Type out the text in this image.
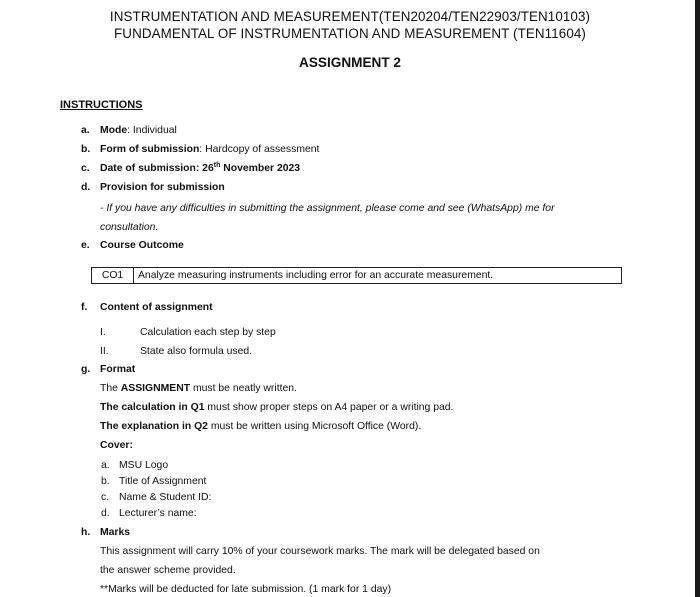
INSTRUMENTATION AND MEASUREMENT(TEN20204/TEN22903/TEN10103)
FUNDAMENTAL OF INSTRUMENTATION AND MEASUREMENT (TEN11604)
ASSIGNMENT 2
INSTRUCTIONS
a. Mode: Individual
b. Form of submission: Hardcopy of assessment
c. Date of submission: 26th November 2023
d. Provision for submission
- If you have any difficulties in submitting the assignment, please come and see (WhatsApp) me for
consultation.
e. Course Outcome
CO1	Analyze measuring instruments including error for an accurate measurement.
f. Content of assignment
I.	Calculation each step by step
II.	State also formula used.
g. Format
The ASSIGNMENT must be neatly written.
The calculation in Q1 must show proper steps on A4 paper or a writing pad.
The explanation in Q2 must be written using Microsoft Office (Word).
Cover:
a. MSU Logo
b. Title of Assignment
c. Name & Student ID:
d. Lecturer’s name:
h. Marks
This assignment will carry 10% of your coursework marks. The mark will be delegated based on
the answer scheme provided.
**Marks will be deducted for late submission. (1 mark for 1 day)
